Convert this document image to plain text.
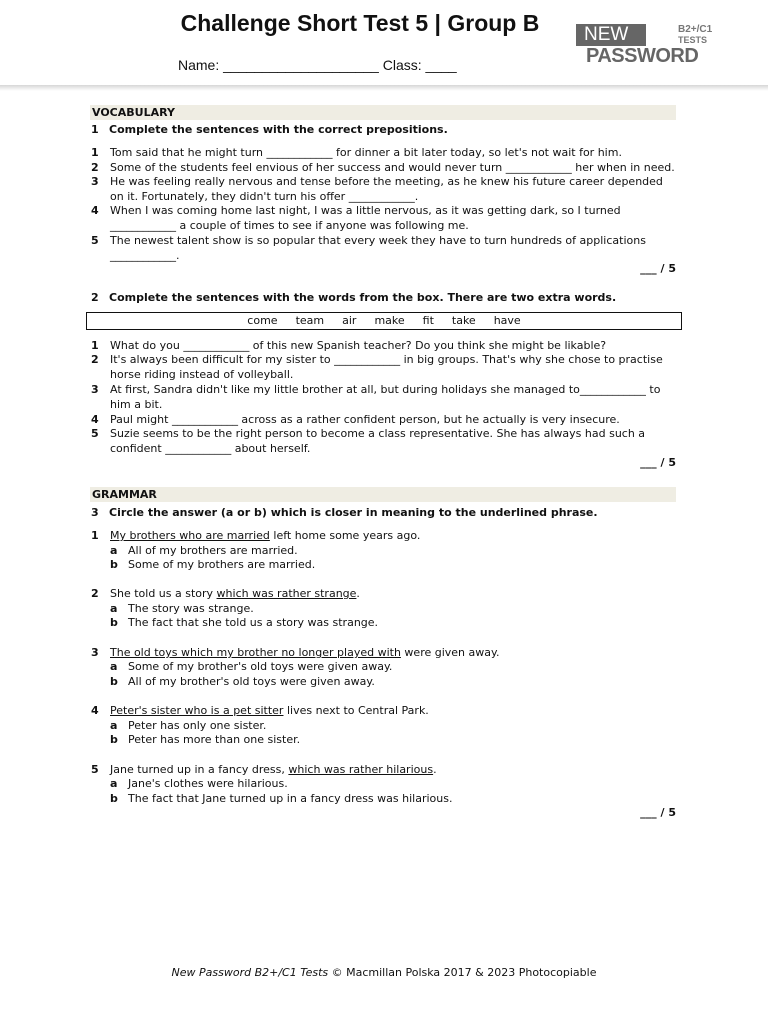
Challenge Short Test 5 | Group B
Name: ____________________ Class: ____
NEW	B2+/C1
TESTS
PASSWORD
VOCABULARY
1 Complete the sentences with the correct prepositions.
1 Tom said that he might turn ____________ for dinner a bit later today, so let's not wait for him.
2 Some of the students feel envious of her success and would never turn ____________ her when in need.
3 He was feeling really nervous and tense before the meeting, as he knew his future career depended on it. Fortunately, they didn't turn his offer ____________.
4 When I was coming home last night, I was a little nervous, as it was getting dark, so I turned ____________ a couple of times to see if anyone was following me.
5 The newest talent show is so popular that every week they have to turn hundreds of applications ____________.
___ / 5
2 Complete the sentences with the words from the box. There are two extra words.
come team air make fit take have
1 What do you ____________ of this new Spanish teacher? Do you think she might be likable?
2 It's always been difficult for my sister to ____________ in big groups. That's why she chose to practise horse riding instead of volleyball.
3 At first, Sandra didn't like my little brother at all, but during holidays she managed to____________ to him a bit.
4 Paul might ____________ across as a rather confident person, but he actually is very insecure.
5 Suzie seems to be the right person to become a class representative. She has always had such a confident ____________ about herself.
___ / 5
GRAMMAR
3 Circle the answer (a or b) which is closer in meaning to the underlined phrase.
1 My brothers who are married left home some years ago.
a All of my brothers are married.
b Some of my brothers are married.
2 She told us a story which was rather strange.
a The story was strange.
b The fact that she told us a story was strange.
3 The old toys which my brother no longer played with were given away.
a Some of my brother's old toys were given away.
b All of my brother's old toys were given away.
4 Peter's sister who is a pet sitter lives next to Central Park.
a Peter has only one sister.
b Peter has more than one sister.
5 Jane turned up in a fancy dress, which was rather hilarious.
a Jane's clothes were hilarious.
b The fact that Jane turned up in a fancy dress was hilarious.
___ / 5
New Password B2+/C1 Tests © Macmillan Polska 2017 & 2023 Photocopiable
